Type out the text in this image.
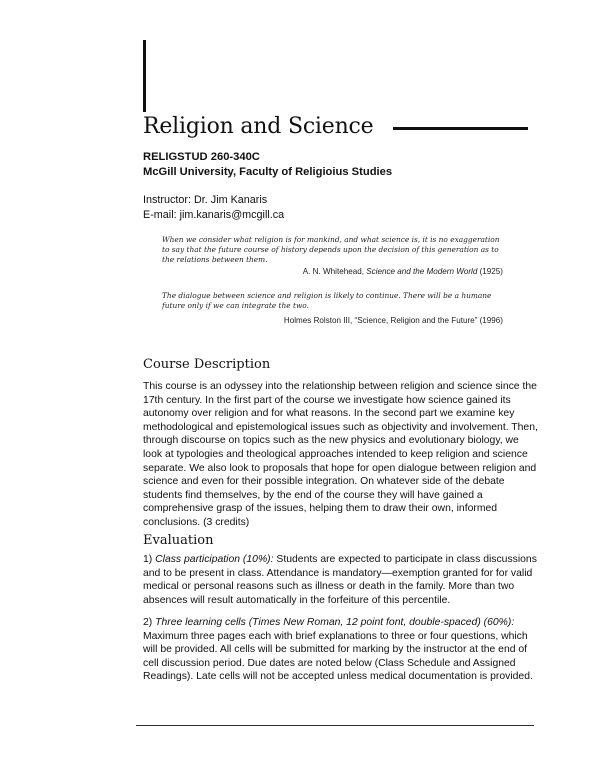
Religion and Science
RELIGSTUD 260-340C
McGill University, Faculty of Religioius Studies
Instructor: Dr. Jim Kanaris
E-mail: jim.kanaris@mcgill.ca
When we consider what religion is for mankind, and what science is, it is no exaggeration to say that the future course of history depends upon the decision of this generation as to the relations between them.
A. N. Whitehead, Science and the Modern World (1925)
The dialogue between science and religion is likely to continue. There will be a humane future only if we can integrate the two.
Holmes Rolston III, “Science, Religion and the Future” (1996)
Course Description

This course is an odyssey into the relationship between religion and science since the 17th century. In the first part of the course we investigate how science gained its autonomy over religion and for what reasons. In the second part we examine key methodological and epistemological issues such as objectivity and involvement. Then, through discourse on topics such as the new physics and evolutionary biology, we look at typologies and theological approaches intended to keep religion and science separate. We also look to proposals that hope for open dialogue between religion and science and even for their possible integration. On whatever side of the debate students find themselves, by the end of the course they will have gained a comprehensive grasp of the issues, helping them to draw their own, informed conclusions. (3 credits)

Evaluation

1) Class participation (10%): Students are expected to participate in class discussions and to be present in class. Attendance is mandatory—exemption granted for for valid medical or personal reasons such as illness or death in the family. More than two absences will result automatically in the forfeiture of this percentile.

2) Three learning cells (Times New Roman, 12 point font, double-spaced) (60%): Maximum three pages each with brief explanations to three or four questions, which will be provided. All cells will be submitted for marking by the instructor at the end of cell discussion period. Due dates are noted below (Class Schedule and Assigned Readings). Late cells will not be accepted unless medical documentation is provided.
